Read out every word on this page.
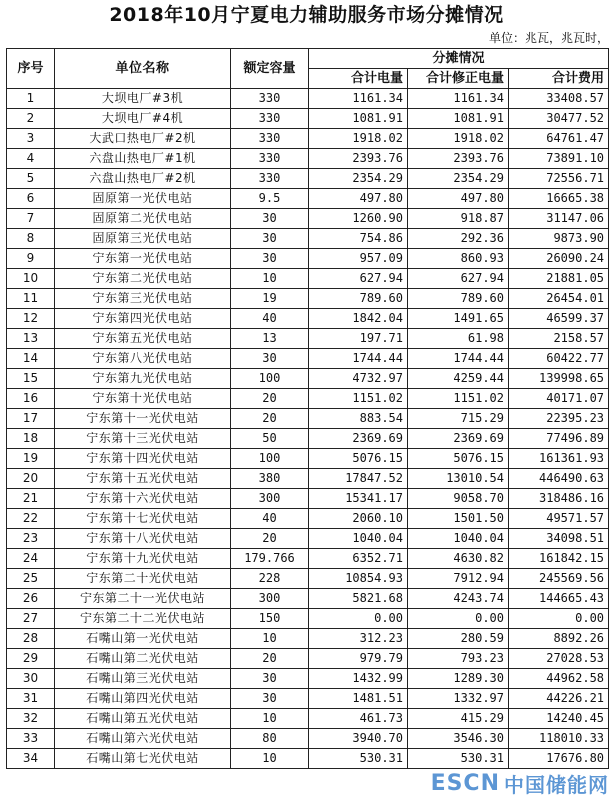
2018年10月宁夏电力辅助服务市场分摊情况
单位：兆瓦，兆瓦时，
序号	单位名称	额定容量	分摊情况		
			合计电量	合计修正电量	合计费用
1	大坝电厂#3机	330	1161.34	1161.34	33408.57
2	大坝电厂#4机	330	1081.91	1081.91	30477.52
3	大武口热电厂#2机	330	1918.02	1918.02	64761.47
4	六盘山热电厂#1机	330	2393.76	2393.76	73891.10
5	六盘山热电厂#2机	330	2354.29	2354.29	72556.71
6	固原第一光伏电站	9.5	497.80	497.80	16665.38
7	固原第二光伏电站	30	1260.90	918.87	31147.06
8	固原第三光伏电站	30	754.86	292.36	9873.90
9	宁东第一光伏电站	30	957.09	860.93	26090.24
10	宁东第二光伏电站	10	627.94	627.94	21881.05
11	宁东第三光伏电站	19	789.60	789.60	26454.01
12	宁东第四光伏电站	40	1842.04	1491.65	46599.37
13	宁东第五光伏电站	13	197.71	61.98	2158.57
14	宁东第八光伏电站	30	1744.44	1744.44	60422.77
15	宁东第九光伏电站	100	4732.97	4259.44	139998.65
16	宁东第十光伏电站	20	1151.02	1151.02	40171.07
17	宁东第十一光伏电站	20	883.54	715.29	22395.23
18	宁东第十三光伏电站	50	2369.69	2369.69	77496.89
19	宁东第十四光伏电站	100	5076.15	5076.15	161361.93
20	宁东第十五光伏电站	380	17847.52	13010.54	446490.63
21	宁东第十六光伏电站	300	15341.17	9058.70	318486.16
22	宁东第十七光伏电站	40	2060.10	1501.50	49571.57
23	宁东第十八光伏电站	20	1040.04	1040.04	34098.51
24	宁东第十九光伏电站	179.766	6352.71	4630.82	161842.15
25	宁东第二十光伏电站	228	10854.93	7912.94	245569.56
26	宁东第二十一光伏电站	300	5821.68	4243.74	144665.43
27	宁东第二十二光伏电站	150	0.00	0.00	0.00
28	石嘴山第一光伏电站	10	312.23	280.59	8892.26
29	石嘴山第二光伏电站	20	979.79	793.23	27028.53
30	石嘴山第三光伏电站	30	1432.99	1289.30	44962.58
31	石嘴山第四光伏电站	30	1481.51	1332.97	44226.21
32	石嘴山第五光伏电站	10	461.73	415.29	14240.45
33	石嘴山第六光伏电站	80	3940.70	3546.30	118010.33
34	石嘴山第七光伏电站	10	530.31	530.31	17676.80
ESCN 中国储能网
